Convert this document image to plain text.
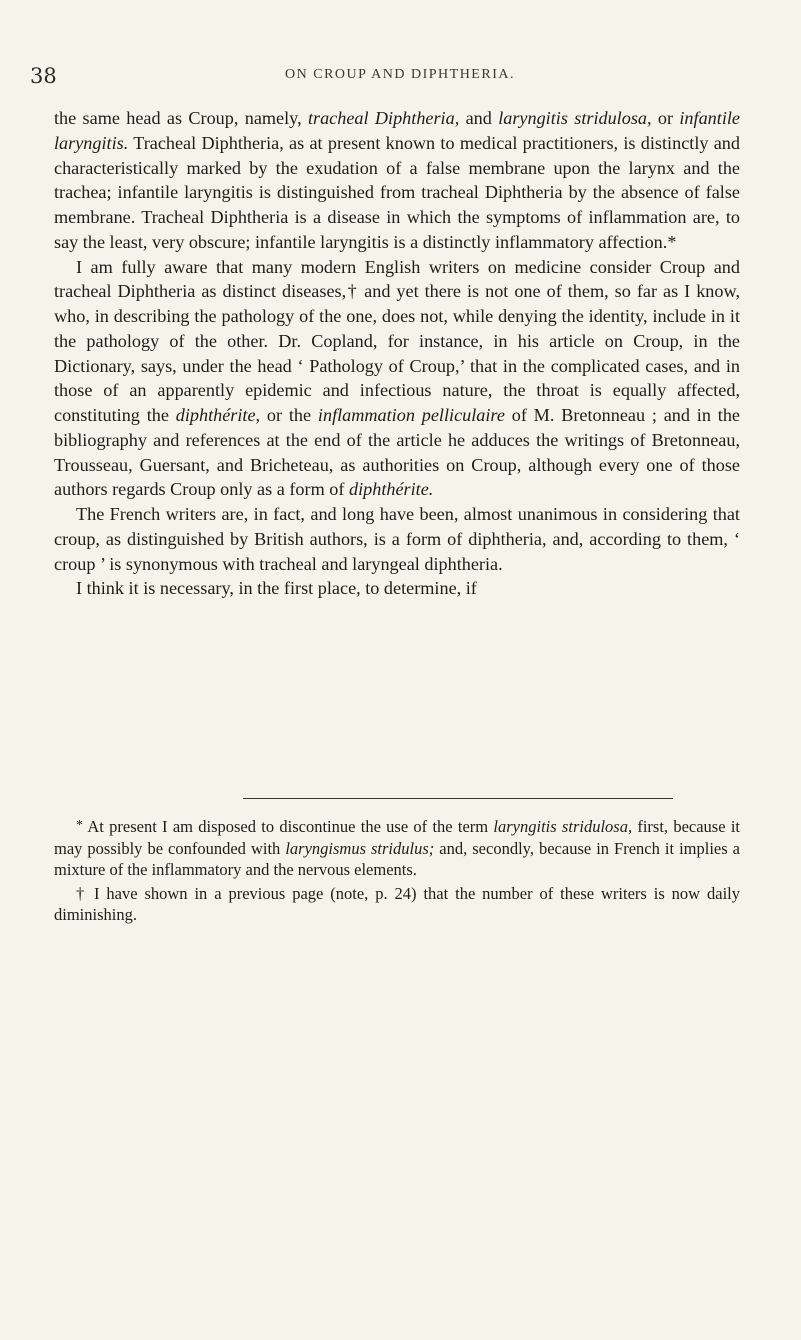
38	ON CROUP AND DIPHTHERIA.

the same head as Croup, namely, tracheal Diphtheria, and laryngitis stridulosa, or infantile laryngitis. Tracheal Diphtheria, as at present known to medical practitioners, is distinctly and characteristically marked by the exudation of a false membrane upon the larynx and the trachea; infantile laryngitis is distinguished from tracheal Diphtheria by the absence of false membrane. Tracheal Diphtheria is a disease in which the symptoms of inflammation are, to say the least, very obscure; infantile laryngitis is a distinctly inflammatory affection.*

I am fully aware that many modern English writers on medicine consider Croup and tracheal Diphtheria as distinct diseases,† and yet there is not one of them, so far as I know, who, in describing the pathology of the one, does not, while denying the identity, include in it the pathology of the other. Dr. Copland, for instance, in his article on Croup, in the Dictionary, says, under the head ‘ Pathology of Croup,’ that in the complicated cases, and in those of an apparently epidemic and infectious nature, the throat is equally affected, constituting the diphthérite, or the inflammation pelliculaire of M. Bretonneau ; and in the bibliography and references at the end of the article he adduces the writings of Bretonneau, Trousseau, Guersant, and Bricheteau, as authorities on Croup, although every one of those authors regards Croup only as a form of diphthérite.

The French writers are, in fact, and long have been, almost unanimous in considering that croup, as distinguished by British authors, is a form of diphtheria, and, according to them, ‘ croup ’ is synonymous with tracheal and laryngeal diphtheria.

I think it is necessary, in the first place, to determine, if

* At present I am disposed to discontinue the use of the term laryngitis stridulosa, first, because it may possibly be confounded with laryngismus stridulus; and, secondly, because in French it implies a mixture of the inflammatory and the nervous elements.

† I have shown in a previous page (note, p. 24) that the number of these writers is now daily diminishing.
